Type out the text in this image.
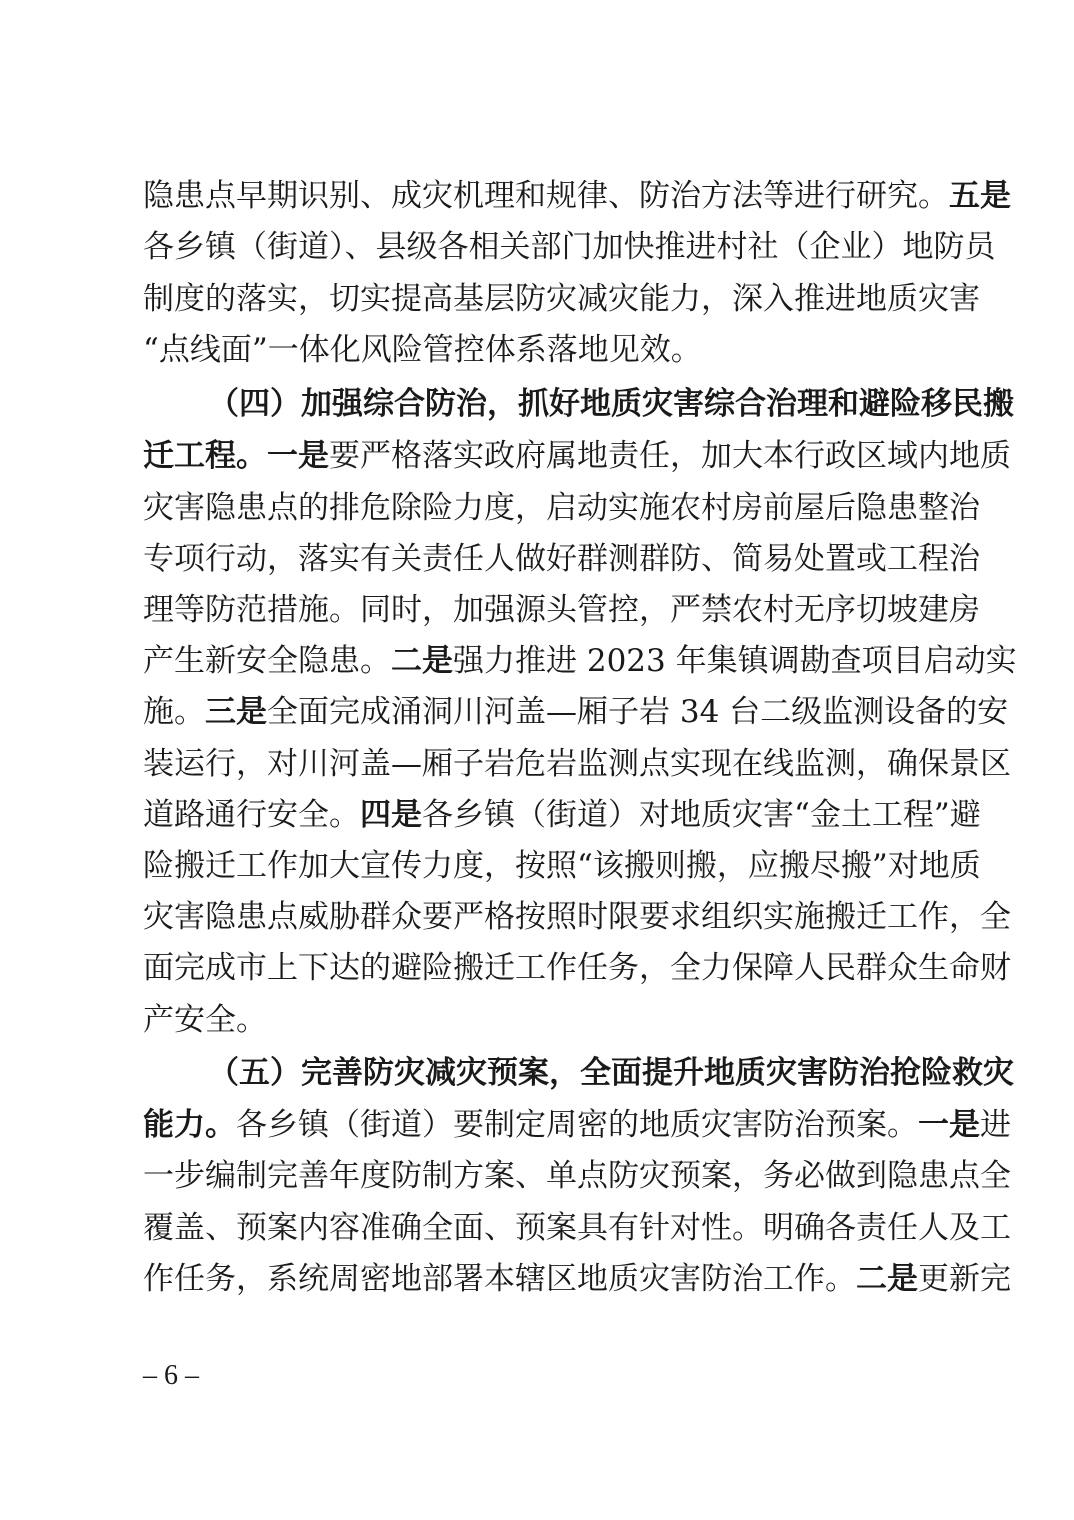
隐患点早期识别、成灾机理和规律、防治方法等进行研究。五是
各乡镇（街道）、县级各相关部门加快推进村社（企业）地防员
制度的落实，切实提高基层防灾减灾能力，深入推进地质灾害
“点线面”一体化风险管控体系落地见效。
（四）加强综合防治，抓好地质灾害综合治理和避险移民搬
迁工程。一是要严格落实政府属地责任，加大本行政区域内地质
灾害隐患点的排危除险力度，启动实施农村房前屋后隐患整治
专项行动，落实有关责任人做好群测群防、简易处置或工程治
理等防范措施。同时，加强源头管控，严禁农村无序切坡建房
产生新安全隐患。二是强力推进 2023 年集镇调勘查项目启动实
施。三是全面完成涌洞川河盖—厢子岩 34 台二级监测设备的安
装运行，对川河盖—厢子岩危岩监测点实现在线监测，确保景区
道路通行安全。四是各乡镇（街道）对地质灾害“金土工程”避
险搬迁工作加大宣传力度，按照“该搬则搬，应搬尽搬”对地质
灾害隐患点威胁群众要严格按照时限要求组织实施搬迁工作，全
面完成市上下达的避险搬迁工作任务，全力保障人民群众生命财
产安全。
（五）完善防灾减灾预案，全面提升地质灾害防治抢险救灾
能力。各乡镇（街道）要制定周密的地质灾害防治预案。一是进
一步编制完善年度防制方案、单点防灾预案，务必做到隐患点全
覆盖、预案内容准确全面、预案具有针对性。明确各责任人及工
作任务，系统周密地部署本辖区地质灾害防治工作。二是更新完
– 6 –
